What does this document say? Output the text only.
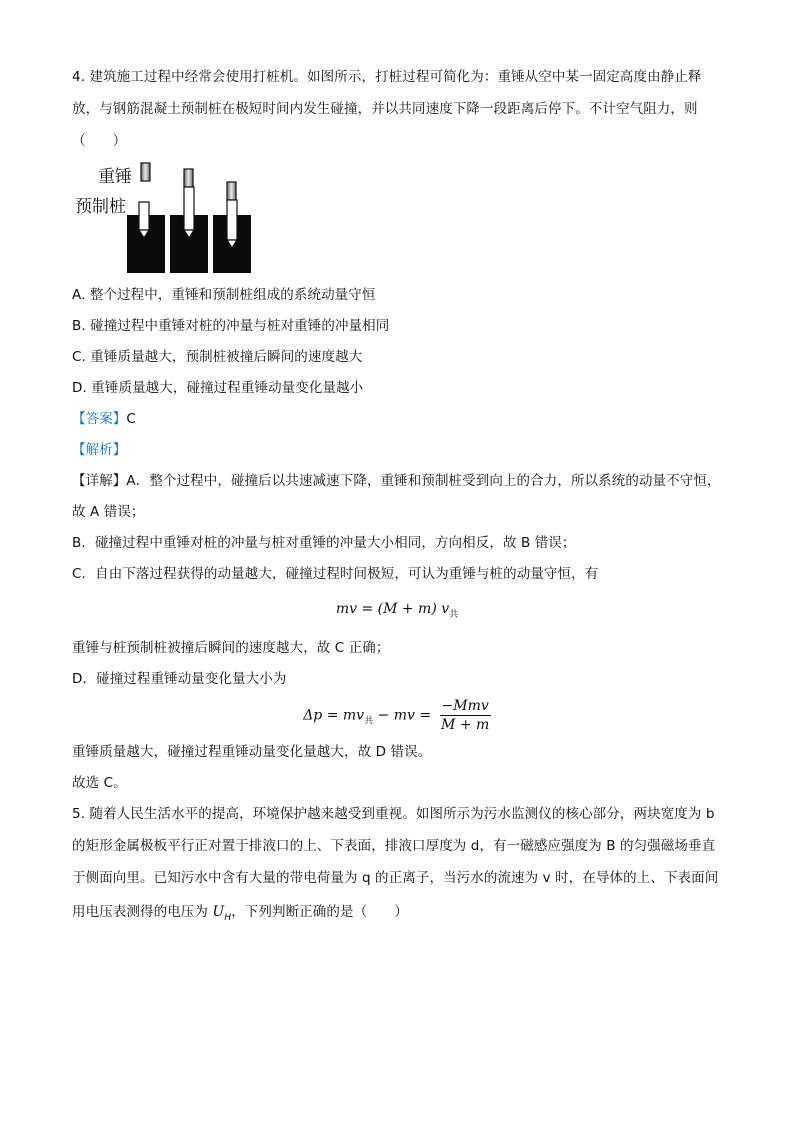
4. 建筑施工过程中经常会使用打桩机。如图所示，打桩过程可简化为：重锤从空中某一固定高度由静止释
放，与钢筋混凝土预制桩在极短时间内发生碰撞，并以共同速度下降一段距离后停下。不计空气阻力，则
（　　）
重锤
预制桩
A. 整个过程中，重锤和预制桩组成的系统动量守恒
B. 碰撞过程中重锤对桩的冲量与桩对重锤的冲量相同
C. 重锤质量越大，预制桩被撞后瞬间的速度越大
D. 重锤质量越大，碰撞过程重锤动量变化量越小
【答案】C
【解析】
【详解】A．整个过程中，碰撞后以共速减速下降，重锤和预制桩受到向上的合力，所以系统的动量不守恒，
故 A 错误；
B．碰撞过程中重锤对桩的冲量与桩对重锤的冲量大小相同，方向相反，故 B 错误；
C．自由下落过程获得的动量越大，碰撞过程时间极短，可认为重锤与桩的动量守恒，有
mv = (M + m) $v_共$
重锤与桩预制桩被撞后瞬间的速度越大，故 C 正确；
D．碰撞过程重锤动量变化量大小为
$\Delta p = mv_共$ − mv = $\frac{\text{−Mmv}}{M + m}$
重锤质量越大，碰撞过程重锤动量变化量越大，故 D 错误。
故选 C。
5. 随着人民生活水平的提高，环境保护越来越受到重视。如图所示为污水监测仪的核心部分，两块宽度为 b
的矩形金属极板平行正对置于排液口的上、下表面，排液口厚度为 d，有一磁感应强度为 B 的匀强磁场垂直
于侧面向里。已知污水中含有大量的带电荷量为 q 的正离子，当污水的流速为 v 时，在导体的上、下表面间
用电压表测得的电压为 $U_H$，下列判断正确的是（　　）
